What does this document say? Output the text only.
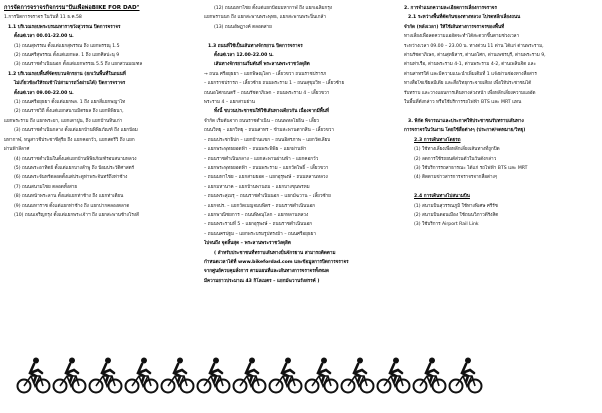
การจัดการจราจรกิจกรรม"ปั่นเพื่อพ่อBIKE FOR DAD"

1.การปิดการจราจร ในวันที่ 11 ธ.ค.58

1.1 บริเวณรอบพระบรมมหาราชวังสุวรรณ ปิดการจราจร

ตั้งแต่เวลา 00.01-22.00 น.

(1) ถนนสุพรรณ ตั้งแต่แยกสุพรรณ ถึง แยกพรรณุ 1.5

(2) ถนนศรีสุพรรณ ตั้งแต่แยกพล. 1 ถึง แยกศิลปะนุ 9

(3) ถนนราชดำเนินนอก ตั้งแต่แยกพรรณ 5.5 ถึง แยกสวนมณฑล

1.2 บริเวณรอบพื้นที่จัดขบวนจักรยาน (ยกเว้นพื้นที่ในถนนที่

ไม่เกี่ยวข้องให้รถเข้าไปสามารถวิ่งผ่านได้) ปิดการจราจร

ตั้งแต่เวลา 09.00-22.00 น.

(1) ถนนศรีอยุธยา ตั้งแต่แยกพล. 1 ถึง แยกสี่แยกพญาไท

(2) ถนนราชวิถี ตั้งแต่แยกสนามมิตรผล ถึง แยกพิพิธนา,

แยกพระราม ถึง แยกพระยา, แยกเตาปูน, ถึง แยกบ้านหินเก่า

(3) ถนนราชดำเนินกลาง ตั้งแต่แยกบ้านพิพิธภัณฑ์ ถึง แยกป้อม

มหากาฬ, หนูสาวชีประชาชีสุรีย ถึง แยกคอกวัว, แยกสตรีวิ ถึง แยก

ผ่านฟ้าลีลาศ

(4) ถนนราชดำเนินในตั้งแต่แยกบ้านพิพิธภัณฑ์รอบสนามหลวง

(5) ถนนพระอาทิตย์ ตั้งแต่แยกบางลำพู ถึง ป้อมประวัติศาสตร์

(6) ถนนพระจันทร์ตลอดตั้งแต่ประตูท่าพระจันทร์ถึงท่าช้าง

(7) ถนนสนามไชย ตลอดทั้งสาย

(8) ถนนหน้าพระลาน ตั้งแต่แยกท่าช้าง ถึง แยกท่าเตียน

(9) ถนนมหาราช ตั้งแต่แยกท่าช้าง ถึง แยกปากคลองตลาด

(10) ถนนเจริญกรุง ตั้งแต่แยกพระเจ้าฯ ถึง แยกสะพานช้างโรงสี

(12) ถนนมหาไชย ตั้งแต่แยกป้อมมหากาฬ ถึง แยกเฉลิมกรุง

แยกพรานนก ถึง แยกสะพานพระพุทธ, แยกสะพานพระปิ่นเกล้า

(13) ถนนอัษฎางค์ ตลอดสาย

1.3 ถนนที่ใช้เป็นเส้นทางจักรยาน ปิดการจราจร

ตั้งแต่เวลา 12.00-22.00 น.

เส้นทางจักรยานเริ่มต้นที่ พระลานพระราชวังดุสิต

→ ถนน ศรีอยุธยา – แยกพิษณุโลก – เลี้ยวขวา ถนนราชปรารภ

– แยกราชปรารภ – เลี้ยวซ้าย ถนนพระราม 1 – ถนนสุขุมวิท – เลี้ยวซ้าย

ถนนอโศกมนตรี – ถนนรัชดาภิเษก – ถนนพระราม 4 – เลี้ยวขวา

พระราม 4 – แยกสามย่าน

ทั้งนี้ ขบวนประชาชนให้ใช้เส้นทางเดียวกัน เนื่องจากมีพื้นที่

จำกัด เริ่มต้นจาก ถนนราชดำเนิน – ถนนพหลโยธิน – เลี้ยว

ถนนวิทยุ – แยกวิทยุ – ถนนสาทร – ข้ามสะพานตากสิน – เลี้ยวขวา

– ถนนประชาธิปก – แยกบ้านแขก – ถนนอิสรภาพ – แยกวัดเลียบ

– แยกพระพุทธยอดฟ้า – ถนนพระพิพิธ – แยกผ่านฟ้า

– ถนนราชดำเนินกลาง – แยกสะพานผ่านฟ้า – แยกคอกวัว

– แยกพระพุทธยอดฟ้า – ถนนพระราม – แยกวัดโพธิ์ – เลี้ยวขวา

– ถนนมหาไชย – แยกสามยอด – แยกอุรุพงษ์ – ถนนหลานหลวง

– แยกมหานาค – แยกบ้านพานถม – แยกบางขุนพรหม

– ถนนพระสุเมรุ – ถนนราชดำเนินนอก – แยกมัฆวาน – เลี้ยวซ้าย

– แยกจปร. – แยกวัดเบญจมบพิตร – ถนนราชดำเนินนอก

– แยกพาณิชยการ – ถนนพิษณุโลก – แยกหลานหลวง

– ถนนพระรามที่ 5 – แยกอุรุพงษ์ – ถนนราชดำเนินนอก

– ถนนนครปฐม – แยกพระบรมรูปทรงม้า – ถนนศรีอยุธยา

ไปจนถึง จุดสิ้นสุด – พระลานพระราชวังดุสิต

( สำหรับประชาชนที่ทราบเส้นทางปั่นจักรยาน สามารถติดตาม

กำหนดเวลาได้ที่ www.bikefordad.com และข้อมูลการปิดการจราจร

จากศูนย์ควบคุมสั่งการ ตามแผนที่และเส้นทางการจราจรทั้งหมด

มีความยาวประมาณ 43 กิโลเมตร – แยกมัฆวานรังสรรค์ )

2. การจำแนกความละเอียดการเลี่ยงการจราจร

2.1 ระหว่างพื้นที่ตัดกันของทางหลวง โปรดหลีกเลี่ยงถนน

จำกัด (หลังเวลา) ให้ใช้เส้นทางการจราจรของพื้นที่

ทางเลี่ยงเพื่อลดความแออัดจะทำได้สะดวกขึ้นตามช่วงเวลา

ระหว่างเวลา 09.00 – 23.00 น. ทางด่วน 11 ด่าน ได้แก่ ด่านพระราม,

ด่านรัชดาภิเษก, ด่านสุทธิสาร, ด่านอโศก, ด่านเพชรบุรี, ด่านพระราม 9,

ด่านท่าเรือ, ด่านพระราม 4-1, ด่านพระราม 4-2, ด่านเพลินจิต และ

ด่านสาทรใต้ และมีความแนะนำเพิ่มเติมที่ 1 แจ้งผ่านช่องทางสื่อสาร

ทางสื่อโซเชียลมีเดีย และสื่อวิทยุกระจายเสียง เพื่อให้ประชาชนได้

รับทราบ และวางแผนการเดินทางล่วงหน้า เพื่อหลีกเลี่ยงความแออัด

ในพื้นที่ดังกล่าว หรือใช้บริการรถไฟฟ้า BTS และ MRT แทน

3. พิกัด พิจารณาและประกาศให้ประชาชนรับทราบเส้นทาง

การจราจรในวันงาน โดยใช้สื่อต่างๆ (ประกาศ/จดหมาย/วิทยุ)

2.3 การเดินทางโดยรถ

(1) ใช้ทางเลี่ยงเพื่อหลีกเลี่ยงเส้นทางที่ถูกปิด

(2) ลดการใช้รถยนต์ส่วนตัวในวันดังกล่าว

(3) ใช้บริการรถสาธารณะ ได้แก่ รถไฟฟ้า BTS และ MRT

(4) ติดตามข่าวสารการจราจรจากสื่อต่างๆ

2.4 การเดินทางไปสนามบิน

(1) สนามบินสุวรรณภูมิ ใช้ทางพิเศษ ศรีรัช

(2) สนามบินดอนเมือง ใช้ถนนวิภาวดีรังสิต

(3) ใช้บริการ Airport Rail Link
